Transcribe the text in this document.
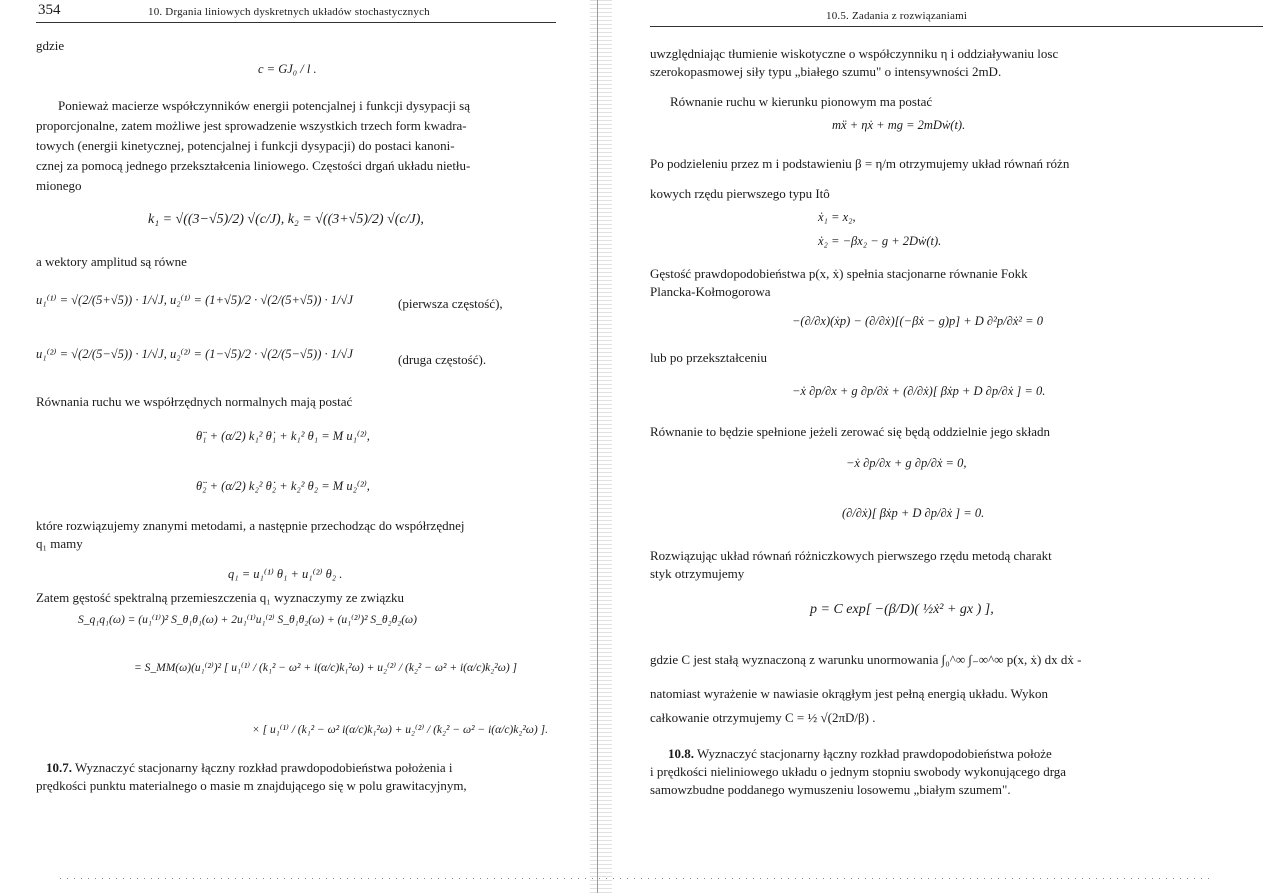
354	10. Drgania liniowych dyskretnych układów stochastycznych
gdzie
c = GJ₀ / l .
Ponieważ macierze współczynników energii potencjalnej i funkcji dysypacji są
proporcjonalne, zatem możliwe jest sprowadzenie wszystkich trzech form kwadra-
towych (energii kinetycznej, potencjalnej i funkcji dysypacji) do postaci kanoni-
cznej za pomocą jednego przekształcenia liniowego. Częstości drgań układu nietłu-
mionego
k₁ = √((3−√5)/2) √(c/J), k₂ = √((3+√5)/2) √(c/J),
a wektory amplitud są równe
u₁⁽¹⁾ = √(2/(5+√5)) · 1/√J, u₂⁽¹⁾ = (1+√5)/2 · √(2/(5+√5)) · 1/√J	(pierwsza częstość),
u₁⁽²⁾ = √(2/(5−√5)) · 1/√J, u₂⁽²⁾ = (1−√5)/2 · √(2/(5−√5)) · 1/√J	(druga częstość).
Równania ruchu we współrzędnych normalnych mają postać
θ̈₁ + (α/2) k₁² θ̇₁ + k₁² θ₁ = M u₁⁽²⁾,
θ̈₂ + (α/2) k₂² θ̇₂ + k₂² θ₂ = M u₂⁽²⁾,
które rozwiązujemy znanymi metodami, a następnie przechodząc do współrzędnej
q₁ mamy
q₁ = u₁⁽¹⁾ θ₁ + u₁⁽²⁾ θ₂ .
Zatem gęstość spektralną przemieszczenia q₁ wyznaczymy ze związku
S_q₁q₁(ω) = (u₁⁽¹⁾)² S_θ₁θ₁(ω) + 2u₁⁽¹⁾u₁⁽²⁾ S_θ₁θ₂(ω) + (u₁⁽²⁾)² S_θ₂θ₂(ω)
= S_MM(ω)(u₁⁽²⁾)² [ u₁⁽¹⁾ / (k₁² − ω² + i(α/c)k₁²ω) + u₂⁽²⁾ / (k₂² − ω² + i(α/c)k₂²ω) ]
× [ u₁⁽¹⁾ / (k₁² − ω² i(α/c)k₁²ω) + u₂⁽²⁾ / (k₂² − ω² − i(α/c)k₂²ω) ].
10.7. Wyznaczyć stacjonarny łączny rozkład prawdopodobieństwa położenia i
prędkości punktu materialnego o masie m znajdującego się w polu grawitacyjnym,
10.5. Zadania z rozwiązaniami
uwzględniając tłumienie wiskotyczne o współczynniku η i oddziaływaniu losc
szerokopasmowej siły typu „białego szumu" o intensywności 2mD.
Równanie ruchu w kierunku pionowym ma postać
mẍ + ηẋ + mg = 2mDẇ(t).
Po podzieleniu przez m i podstawieniu β = η/m otrzymujemy układ równań różn
kowych rzędu pierwszego typu Itô
ẋ₁ = x₂,
ẋ₂ = −βx₂ − g + 2Dẇ(t).
Gęstość prawdopodobieństwa p(x, ẋ) spełnia stacjonarne równanie Fokk
Plancka-Kołmogorowa
−(∂/∂x)(ẋp) − (∂/∂ẋ)[(−βẋ − g)p] + D ∂²p/∂ẋ² = 0
lub po przekształceniu
−ẋ ∂p/∂x + g ∂p/∂ẋ + (∂/∂ẋ)[ βẋp + D ∂p/∂ẋ ] = 0.
Równanie to będzie spełnione jeżeli zerować się będą oddzielnie jego składn
−ẋ ∂p/∂x + g ∂p/∂ẋ = 0,
(∂/∂ẋ)[ βẋp + D ∂p/∂ẋ ] = 0.
Rozwiązując układ równań różniczkowych pierwszego rzędu metodą charakt
styk otrzymujemy
p = C exp[ −(β/D)( ½ẋ² + gx ) ],
gdzie C jest stałą wyznaczoną z warunku unormowania ∫₀^∞ ∫₋∞^∞ p(x, ẋ) dx dẋ -
natomiast wyrażenie w nawiasie okrągłym jest pełną energią układu. Wykon
całkowanie otrzymujemy C = ½ √(2πD/β) .
10.8. Wyznaczyć stacjonarny łączny rozkład prawdopodobieństwa położe
i prędkości nieliniowego układu o jednym stopniu swobody wykonującego drga
samowzbudne poddanego wymuszeniu losowemu „białym szumem".
